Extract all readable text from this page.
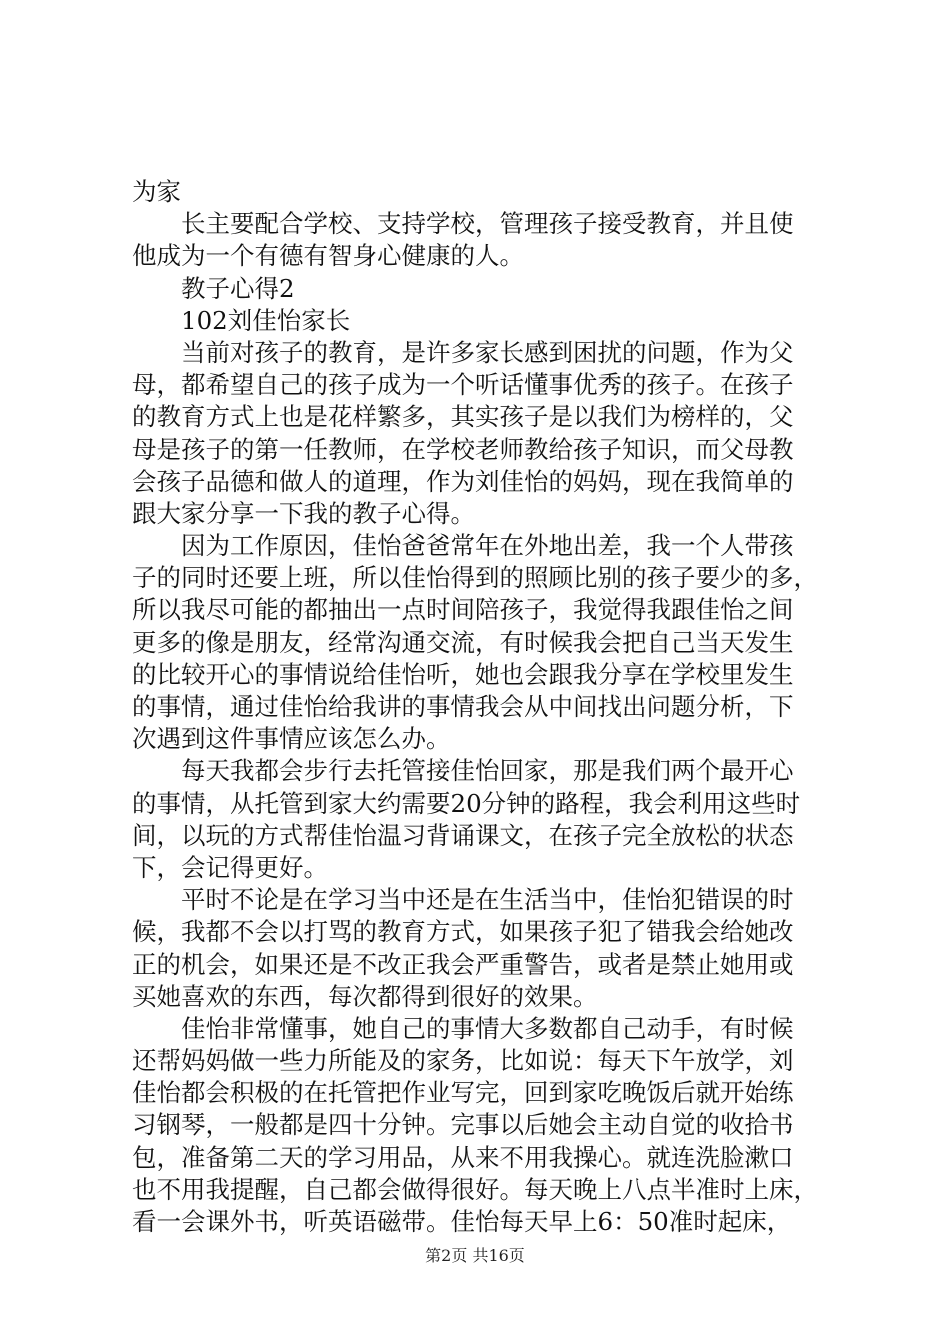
为家
长主要配合学校、支持学校，管理孩子接受教育，并且使
他成为一个有德有智身心健康的人。
教子心得2
102刘佳怡家长
当前对孩子的教育，是许多家长感到困扰的问题，作为父
母，都希望自己的孩子成为一个听话懂事优秀的孩子。在孩子
的教育方式上也是花样繁多，其实孩子是以我们为榜样的，父
母是孩子的第一任教师，在学校老师教给孩子知识，而父母教
会孩子品德和做人的道理，作为刘佳怡的妈妈，现在我简单的
跟大家分享一下我的教子心得。
因为工作原因，佳怡爸爸常年在外地出差，我一个人带孩
子的同时还要上班，所以佳怡得到的照顾比别的孩子要少的多，
所以我尽可能的都抽出一点时间陪孩子，我觉得我跟佳怡之间
更多的像是朋友，经常沟通交流，有时候我会把自己当天发生
的比较开心的事情说给佳怡听，她也会跟我分享在学校里发生
的事情，通过佳怡给我讲的事情我会从中间找出问题分析，下
次遇到这件事情应该怎么办。
每天我都会步行去托管接佳怡回家，那是我们两个最开心
的事情，从托管到家大约需要20分钟的路程，我会利用这些时
间，以玩的方式帮佳怡温习背诵课文，在孩子完全放松的状态
下，会记得更好。
平时不论是在学习当中还是在生活当中，佳怡犯错误的时
候，我都不会以打骂的教育方式，如果孩子犯了错我会给她改
正的机会，如果还是不改正我会严重警告，或者是禁止她用或
买她喜欢的东西，每次都得到很好的效果。
佳怡非常懂事，她自己的事情大多数都自己动手，有时候
还帮妈妈做一些力所能及的家务，比如说：每天下午放学，刘
佳怡都会积极的在托管把作业写完，回到家吃晚饭后就开始练
习钢琴，一般都是四十分钟。完事以后她会主动自觉的收拾书
包，准备第二天的学习用品，从来不用我操心。就连洗脸漱口
也不用我提醒，自己都会做得很好。每天晚上八点半准时上床，
看一会课外书，听英语磁带。佳怡每天早上6：50准时起床，
第2页 共16页
